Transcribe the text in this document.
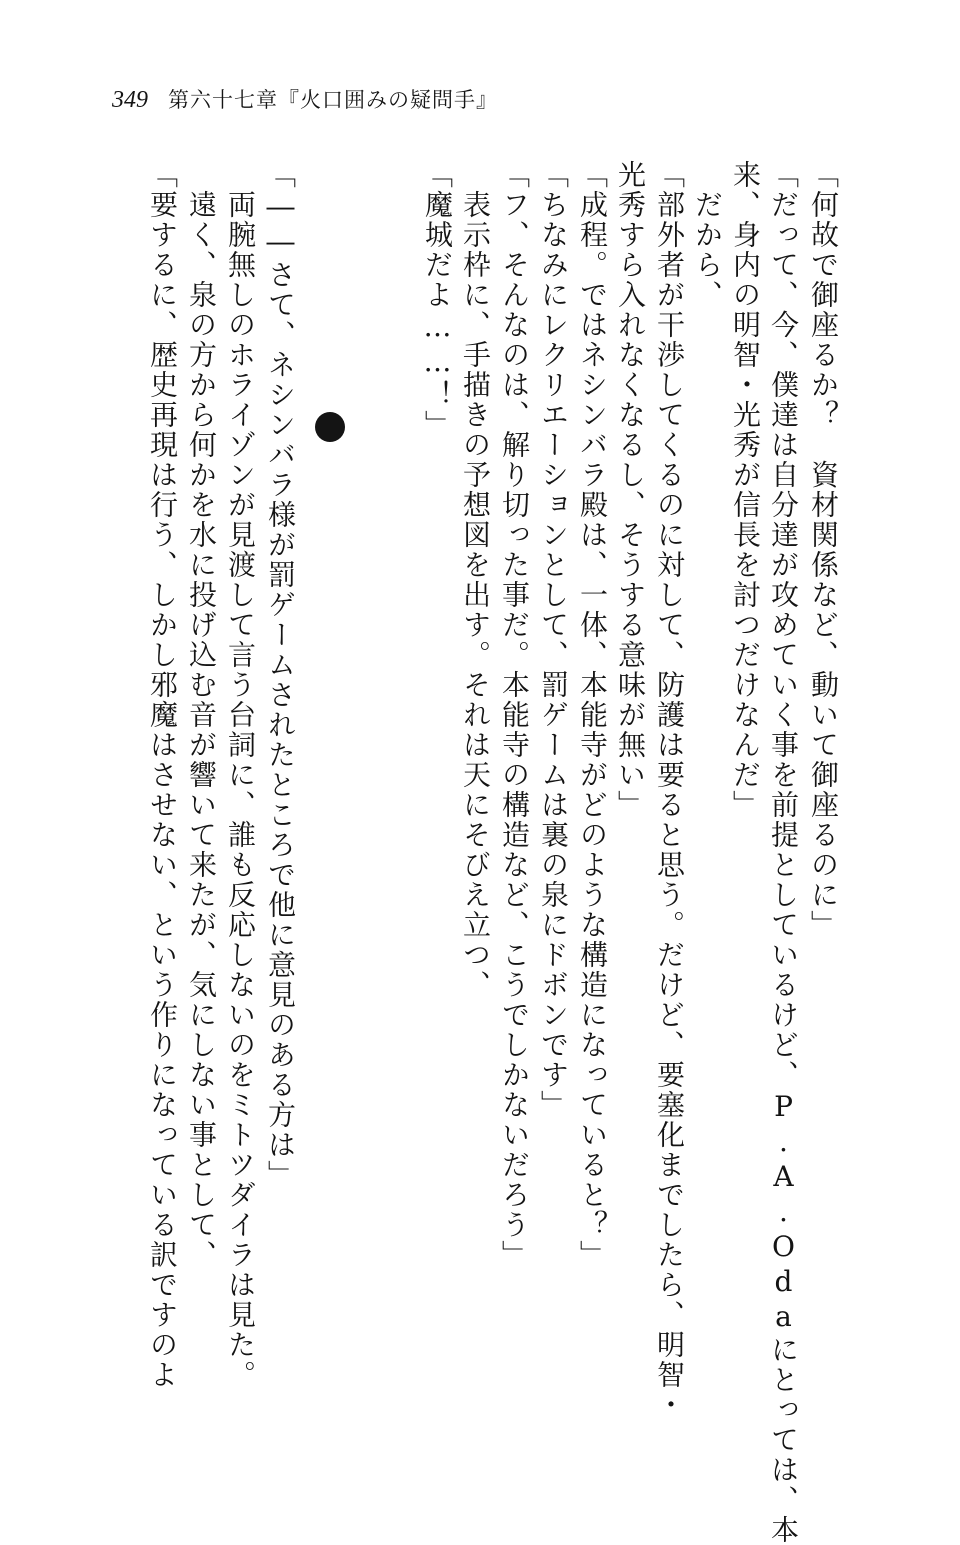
349 第六十七章『火口囲みの疑問手』
「何故で御座るか？　資材関係など、動いて御座るのに」
「だって、今、僕達は自分達が攻めていく事を前提としているけど、P.A.Odaにとっては、本
来、身内の明智・光秀が信長を討つだけなんだ」
　だから、
「部外者が干渉してくるのに対して、防護は要ると思う。だけど、要塞化までしたら、明智・
光秀すら入れなくなるし、そうする意味が無い」
「成程。ではネシンバラ殿は、一体、本能寺がどのような構造になっていると？」
「ちなみにレクリエーションとして、罰ゲームは裏の泉にドボンです」
「フ、そんなのは、解り切った事だ。本能寺の構造など、こうでしかないだろう」
　表示枠に、手描きの予想図を出す。それは天にそびえ立つ、
「魔城だよ……！」
「――さて、ネシンバラ様が罰ゲームされたところで他に意見のある方は」
　両腕無しのホライゾンが見渡して言う台詞に、誰も反応しないのをミトツダイラは見た。
　遠く、泉の方から何かを水に投げ込む音が響いて来たが、気にしない事として、
「要するに、歴史再現は行う、しかし邪魔はさせない、という作りになっている訳ですのよ
